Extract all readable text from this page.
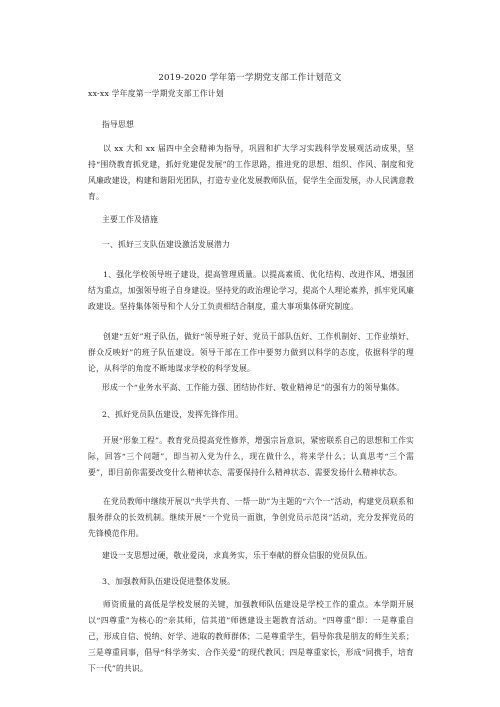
2019-2020 学年第一学期党支部工作计划范文

xx-xx 学年度第一学期党支部工作计划

指导思想

以 xx 大和 xx 届四中全会精神为指导，巩固和扩大学习实践科学发展观活动成果，坚持“围绕教育抓党建，抓好党建促发展”的工作思路，推进党的思想、组织、作风、制度和党风廉政建设，构建和谐阳光团队，打造专业化发展教师队伍，促学生全面发展，办人民满意教育。

主要工作及措施

一、抓好三支队伍建设激活发展潜力

1、强化学校领导班子建设，提高管理质量。以提高素质、优化结构、改进作风、增强团结为重点，加强领导班子自身建设。坚持党的政治理论学习，提高个人理论素养，抓牢党风廉政建设。坚持集体领导和个人分工负责相结合制度，重大事项集体研究制度。

创建“五好”班子队伍，做好“领导班子好、党员干部队伍好、工作机制好、工作业绩好、群众反映好”的班子队伍建设。领导干部在工作中要努力做到以科学的态度，依据科学的理论，从科学的角度不断地谋求学校的科学发展。

形成一个“业务水平高、工作能力强、团结协作好、敬业精神足”的强有力的领导集体。

2、抓好党员队伍建设，发挥先锋作用。

开展“形象工程”。教育党员提高党性修养，增强宗旨意识，紧密联系自己的思想和工作实际，回答“三个问题”，即当初入党为什么，现在做什么，将来学什么；认真思考“三个需要”，即目前你需要改变什么精神状态、需要保持什么精神状态、需要发扬什么精神状态。

在党员教师中继续开展以“共学共育、一帮一助”为主题的“六个一”活动，构建党员联系和服务群众的长效机制。继续开展“一个党员一面旗，争创党员示范岗”活动，充分发挥党员的先锋模范作用。

建设一支思想过硬，敬业爱岗，求真务实，乐于奉献的群众信服的党员队伍。

3、加强教师队伍建设促进整体发展。

师资质量的高低是学校发展的关键，加强教师队伍建设是学校工作的重点。本学期开展以“四尊重”为核心的“亲其师，信其道”师德建设主题教育活动。“四尊重”即：一是尊重自己，形成自信、悦纳、好学、进取的教师群体；二是尊重学生，倡导你我是朋友的师生关系；三是尊重同事，倡导“科学务实、合作关爱”的现代教风；四是尊重家长，形成“同携手，培育下一代”的共识。
